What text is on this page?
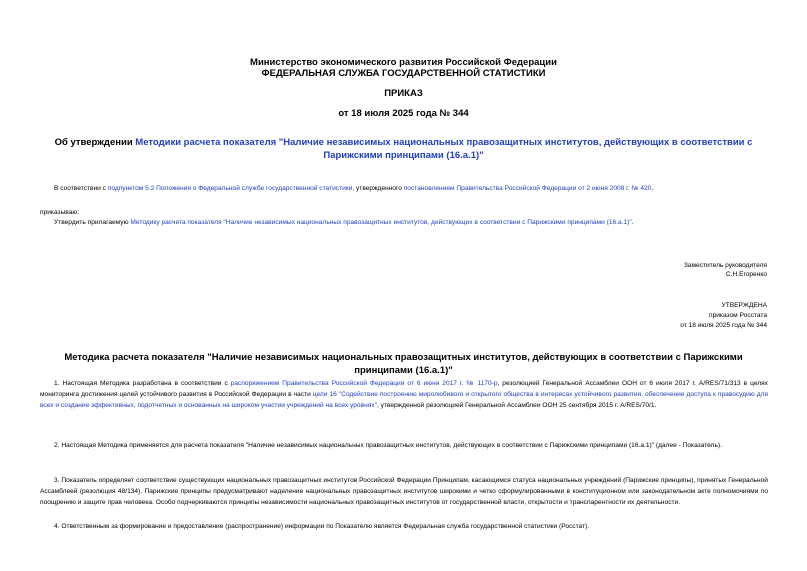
Министерство экономического развития Российской Федерации
ФЕДЕРАЛЬНАЯ СЛУЖБА ГОСУДАРСТВЕННОЙ СТАТИСТИКИ
ПРИКАЗ
от 18 июля 2025 года № 344
Об утверждении Методики расчета показателя "Наличие независимых национальных правозащитных институтов, действующих в соответствии с Парижскими принципами (16.а.1)"
В соответствии с подпунктом 5.2 Положения о Федеральной службе государственной статистики, утвержденного постановлением Правительства Российской Федерации от 2 июня 2008 г. № 420,
приказываю:
Утвердить прилагаемую Методику расчета показателя "Наличие независимых национальных правозащитных институтов, действующих в соответствии с Парижскими принципами (16.а.1)".
Заместитель руководителя
С.Н.Егоренко
УТВЕРЖДЕНА
приказом Росстата
от 18 июля 2025 года № 344
Методика расчета показателя "Наличие независимых национальных правозащитных институтов, действующих в соответствии с Парижскими принципами (16.а.1)"
1. Настоящая Методика разработана в соответствии с распоряжением Правительства Российской Федерации от 6 июня 2017 г. № 1170-р, резолюцией Генеральной Ассамблеи ООН от 6 июля 2017 г. A/RES/71/313 в целях мониторинга достижения целей устойчивого развития в Российской Федерации в части цели 16 "Содействие построению миролюбивого и открытого общества в интересах устойчивого развития, обеспечение доступа к правосудию для всех и создание эффективных, подотчетных и основанных на широком участии учреждений на всех уровнях", утвержденной резолюцией Генеральной Ассамблеи ООН 25 сентября 2015 г. A/RES/70/1.
2. Настоящая Методика применяется для расчета показателя "Наличие независимых национальных правозащитных институтов, действующих в соответствии с Парижскими принципами (16.а.1)" (далее - Показатель).
3. Показатель определяет соответствие существующих национальных правозащитных институтов Российской Федерации Принципам, касающимся статуса национальных учреждений (Парижские принципы), принятых Генеральной Ассамблеей (резолюция 48/134). Парижские принципы предусматривают наделение национальных правозащитных институтов широкими и четко сформулированными в конституционном или законодательном акте полномочиями по поощрению и защите прав человека. Особо подчеркиваются принципы независимости национальных правозащитных институтов от государственной власти, открытости и транспарентности их деятельности.
4. Ответственным за формирование и предоставление (распространение) информации по Показателю является Федеральная служба государственной статистики (Росстат).
